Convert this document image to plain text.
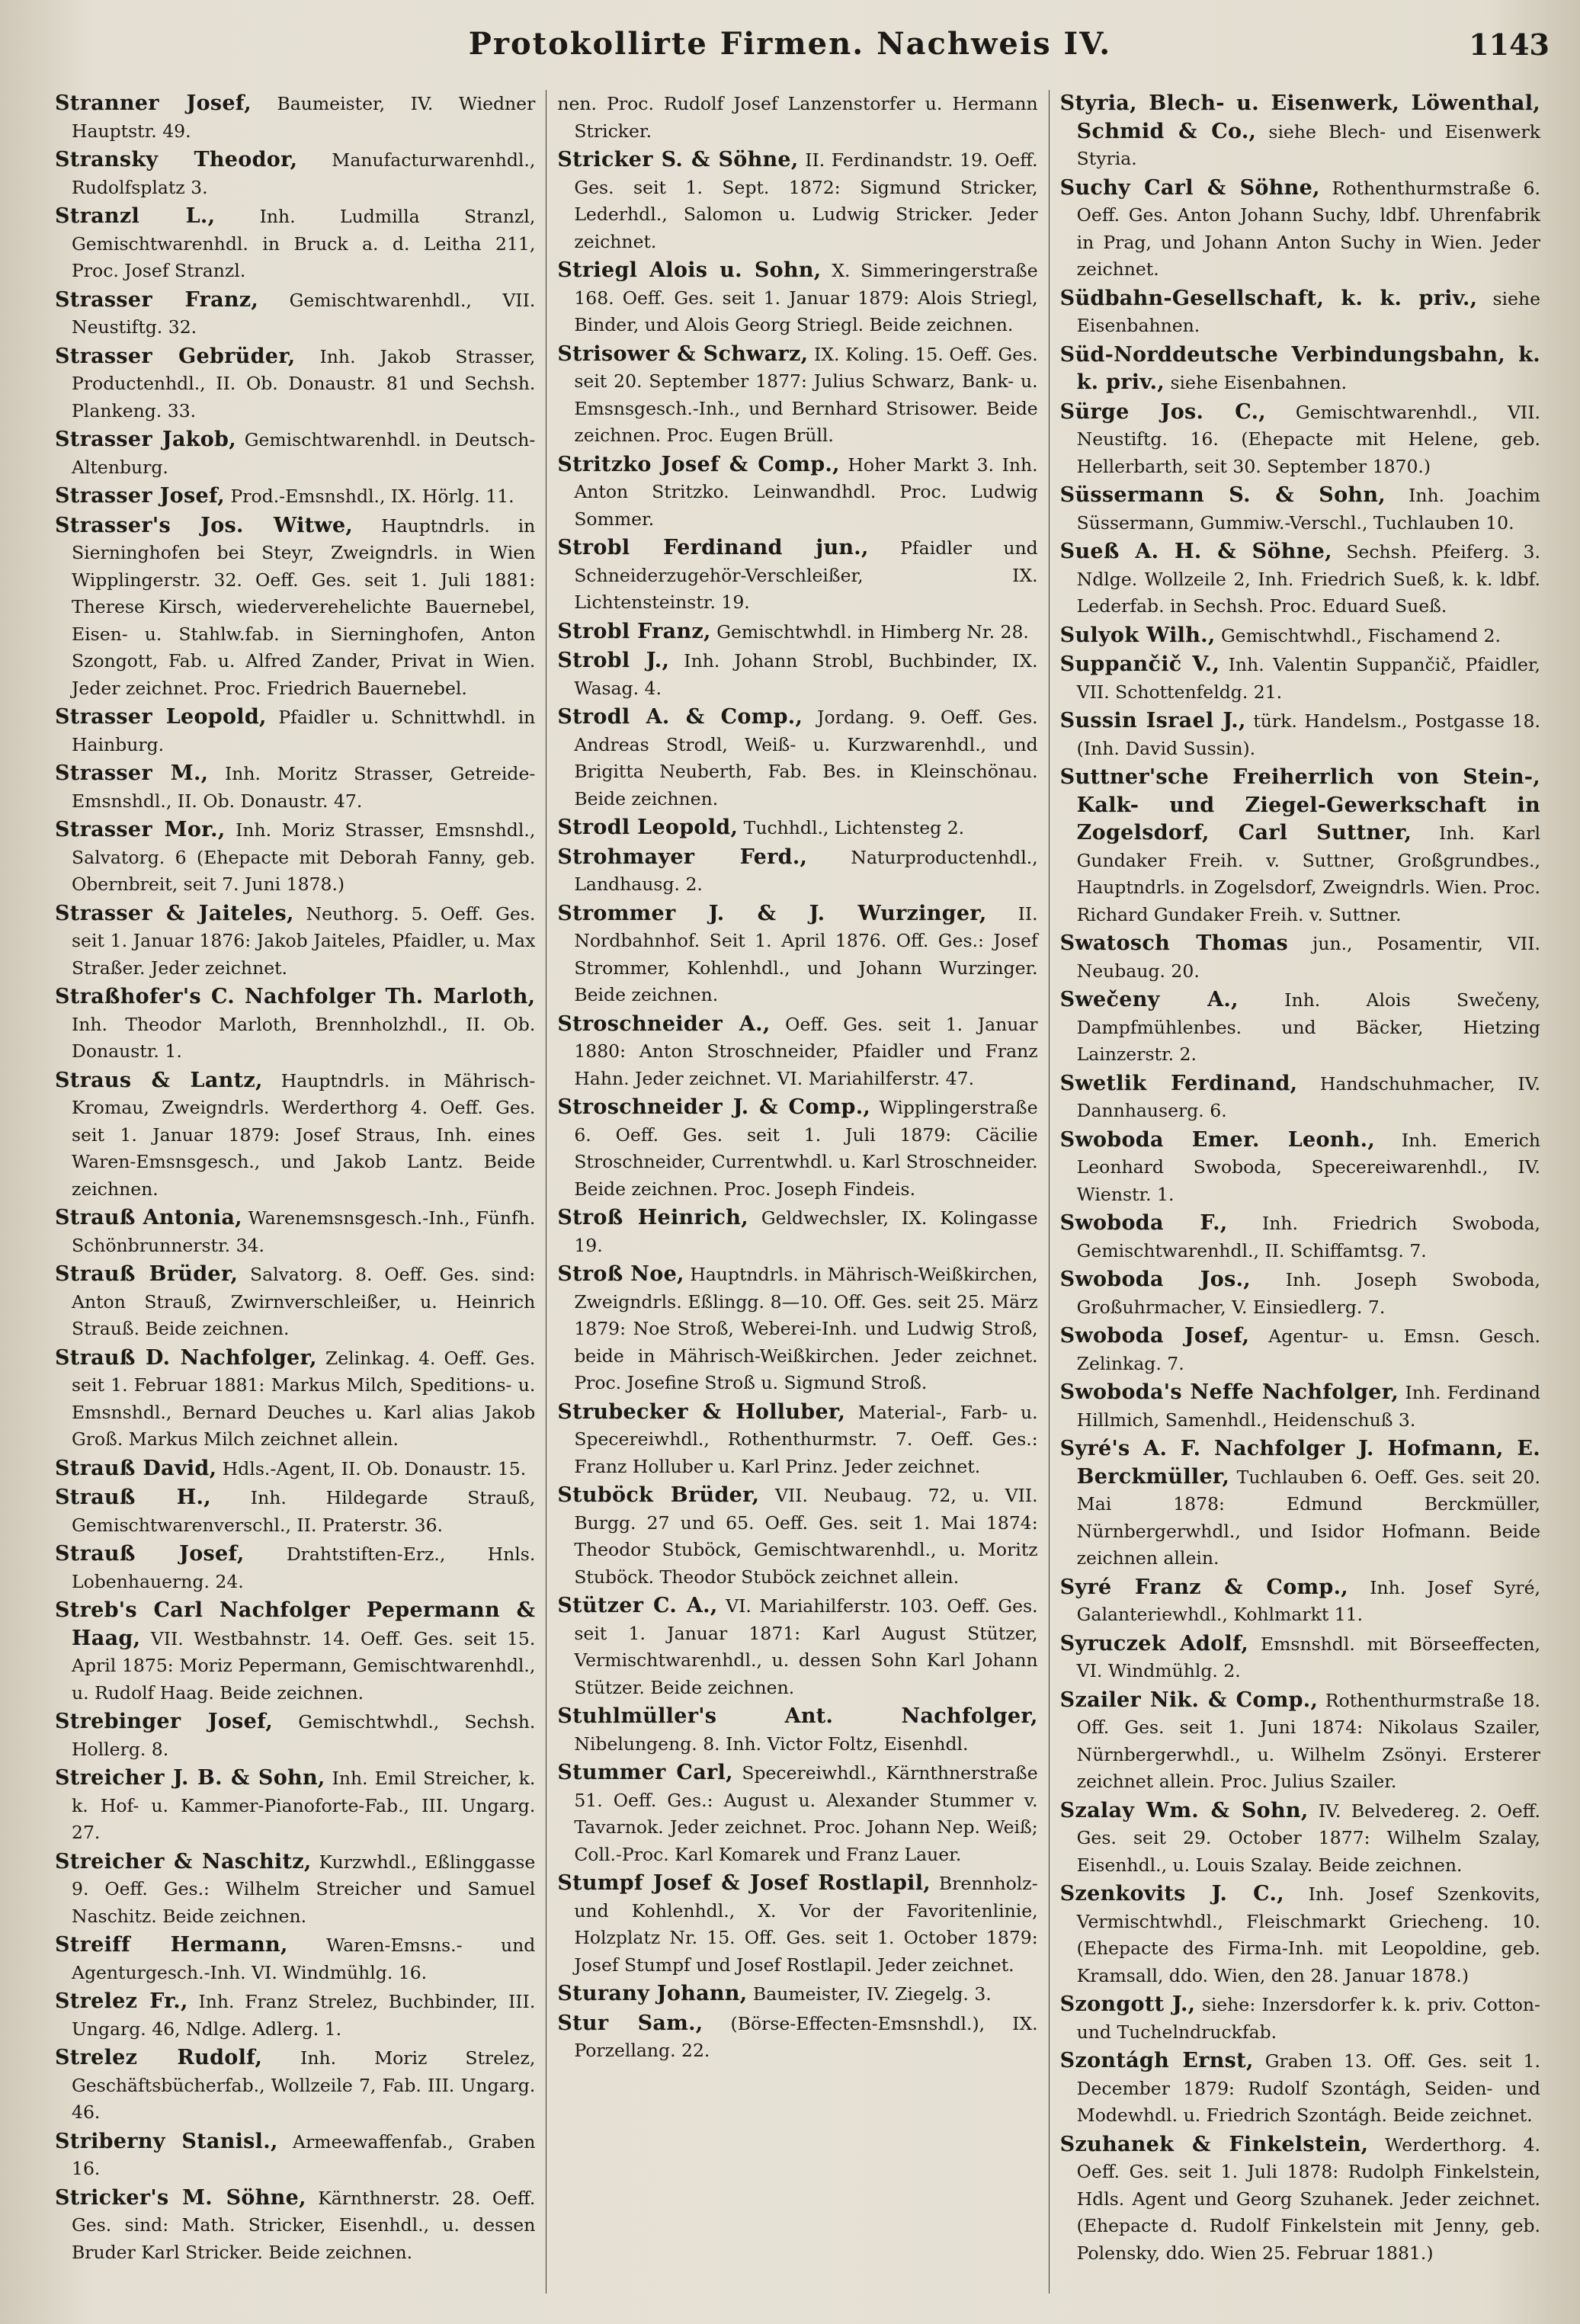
Protokollirte Firmen. Nachweis IV.	1143

Stranner Josef, Baumeister, IV. Wiedner Hauptstr. 49.

Stransky Theodor, Manufacturwarenhdl., Rudolfsplatz 3.

Stranzl L., Inh. Ludmilla Stranzl, Gemischtwarenhdl. in Bruck a. d. Leitha 211, Proc. Josef Stranzl.

Strasser Franz, Gemischtwarenhdl., VII. Neustiftg. 32.

Strasser Gebrüder, Inh. Jakob Strasser, Productenhdl., II. Ob. Donaustr. 81 und Sechsh. Plankeng. 33.

Strasser Jakob, Gemischtwarenhdl. in Deutsch-Altenburg.

Strasser Josef, Prod.-Emsnshdl., IX. Hörlg. 11.

Strasser's Jos. Witwe, Hauptndrls. in Sierninghofen bei Steyr, Zweigndrls. in Wien Wipplingerstr. 32. Oeff. Ges. seit 1. Juli 1881: Therese Kirsch, wiederverehelichte Bauernebel, Eisen- u. Stahlw.fab. in Sierninghofen, Anton Szongott, Fab. u. Alfred Zander, Privat in Wien. Jeder zeichnet. Proc. Friedrich Bauernebel.

Strasser Leopold, Pfaidler u. Schnittwhdl. in Hainburg.

Strasser M., Inh. Moritz Strasser, Getreide-Emsnshdl., II. Ob. Donaustr. 47.

Strasser Mor., Inh. Moriz Strasser, Emsnshdl., Salvatorg. 6 (Ehepacte mit Deborah Fanny, geb. Obernbreit, seit 7. Juni 1878.)

Strasser & Jaiteles, Neuthorg. 5. Oeff. Ges. seit 1. Januar 1876: Jakob Jaiteles, Pfaidler, u. Max Straßer. Jeder zeichnet.

Straßhofer's C. Nachfolger Th. Marloth, Inh. Theodor Marloth, Brennholzhdl., II. Ob. Donaustr. 1.

Straus & Lantz, Hauptndrls. in Mährisch-Kromau, Zweigndrls. Werderthorg 4. Oeff. Ges. seit 1. Januar 1879: Josef Straus, Inh. eines Waren-Emsnsgesch., und Jakob Lantz. Beide zeichnen.

Strauß Antonia, Warenemsnsgesch.-Inh., Fünfh. Schönbrunnerstr. 34.

Strauß Brüder, Salvatorg. 8. Oeff. Ges. sind: Anton Strauß, Zwirnverschleißer, u. Heinrich Strauß. Beide zeichnen.

Strauß D. Nachfolger, Zelinkag. 4. Oeff. Ges. seit 1. Februar 1881: Markus Milch, Speditions- u. Emsnshdl., Bernard Deuches u. Karl alias Jakob Groß. Markus Milch zeichnet allein.

Strauß David, Hdls.-Agent, II. Ob. Donaustr. 15.

Strauß H., Inh. Hildegarde Strauß, Gemischtwarenverschl., II. Praterstr. 36.

Strauß Josef, Drahtstiften-Erz., Hnls. Lobenhauerng. 24.

Streb's Carl Nachfolger Pepermann & Haag, VII. Westbahnstr. 14. Oeff. Ges. seit 15. April 1875: Moriz Pepermann, Gemischtwarenhdl., u. Rudolf Haag. Beide zeichnen.

Strebinger Josef, Gemischtwhdl., Sechsh. Hollerg. 8.

Streicher J. B. & Sohn, Inh. Emil Streicher, k. k. Hof- u. Kammer-Pianoforte-Fab., III. Ungarg. 27.

Streicher & Naschitz, Kurzwhdl., Eßlinggasse 9. Oeff. Ges.: Wilhelm Streicher und Samuel Naschitz. Beide zeichnen.

Streiff Hermann, Waren-Emsns.- und Agenturgesch.-Inh. VI. Windmühlg. 16.

Strelez Fr., Inh. Franz Strelez, Buchbinder, III. Ungarg. 46, Ndlge. Adlerg. 1.

Strelez Rudolf, Inh. Moriz Strelez, Geschäftsbücherfab., Wollzeile 7, Fab. III. Ungarg. 46.

Striberny Stanisl., Armeewaffenfab., Graben 16.

Stricker's M. Söhne, Kärnthnerstr. 28. Oeff. Ges. sind: Math. Stricker, Eisenhdl., u. dessen Bruder Karl Stricker. Beide zeichnen.

nen. Proc. Rudolf Josef Lanzenstorfer u. Hermann Stricker.

Stricker S. & Söhne, II. Ferdinandstr. 19. Oeff. Ges. seit 1. Sept. 1872: Sigmund Stricker, Lederhdl., Salomon u. Ludwig Stricker. Jeder zeichnet.

Striegl Alois u. Sohn, X. Simmeringerstraße 168. Oeff. Ges. seit 1. Januar 1879: Alois Striegl, Binder, und Alois Georg Striegl. Beide zeichnen.

Strisower & Schwarz, IX. Koling. 15. Oeff. Ges. seit 20. September 1877: Julius Schwarz, Bank- u. Emsnsgesch.-Inh., und Bernhard Strisower. Beide zeichnen. Proc. Eugen Brüll.

Stritzko Josef & Comp., Hoher Markt 3. Inh. Anton Stritzko. Leinwandhdl. Proc. Ludwig Sommer.

Strobl Ferdinand jun., Pfaidler und Schneiderzugehör-Verschleißer, IX. Lichtensteinstr. 19.

Strobl Franz, Gemischtwhdl. in Himberg Nr. 28.

Strobl J., Inh. Johann Strobl, Buchbinder, IX. Wasag. 4.

Strodl A. & Comp., Jordang. 9. Oeff. Ges. Andreas Strodl, Weiß- u. Kurzwarenhdl., und Brigitta Neuberth, Fab. Bes. in Kleinschönau. Beide zeichnen.

Strodl Leopold, Tuchhdl., Lichtensteg 2.

Strohmayer Ferd., Naturproductenhdl., Landhausg. 2.

Strommer J. & J. Wurzinger, II. Nordbahnhof. Seit 1. April 1876. Off. Ges.: Josef Strommer, Kohlenhdl., und Johann Wurzinger. Beide zeichnen.

Stroschneider A., Oeff. Ges. seit 1. Januar 1880: Anton Stroschneider, Pfaidler und Franz Hahn. Jeder zeichnet. VI. Mariahilferstr. 47.

Stroschneider J. & Comp., Wipplingerstraße 6. Oeff. Ges. seit 1. Juli 1879: Cäcilie Stroschneider, Currentwhdl. u. Karl Stroschneider. Beide zeichnen. Proc. Joseph Findeis.

Stroß Heinrich, Geldwechsler, IX. Kolingasse 19.

Stroß Noe, Hauptndrls. in Mährisch-Weißkirchen, Zweigndrls. Eßlingg. 8—10. Off. Ges. seit 25. März 1879: Noe Stroß, Weberei-Inh. und Ludwig Stroß, beide in Mährisch-Weißkirchen. Jeder zeichnet. Proc. Josefine Stroß u. Sigmund Stroß.

Strubecker & Holluber, Material-, Farb- u. Specereiwhdl., Rothenthurmstr. 7. Oeff. Ges.: Franz Holluber u. Karl Prinz. Jeder zeichnet.

Stuböck Brüder, VII. Neubaug. 72, u. VII. Burgg. 27 und 65. Oeff. Ges. seit 1. Mai 1874: Theodor Stuböck, Gemischtwarenhdl., u. Moritz Stuböck. Theodor Stuböck zeichnet allein.

Stützer C. A., VI. Mariahilferstr. 103. Oeff. Ges. seit 1. Januar 1871: Karl August Stützer, Vermischtwarenhdl., u. dessen Sohn Karl Johann Stützer. Beide zeichnen.

Stuhlmüller's Ant. Nachfolger, Nibelungeng. 8. Inh. Victor Foltz, Eisenhdl.

Stummer Carl, Specereiwhdl., Kärnthnerstraße 51. Oeff. Ges.: August u. Alexander Stummer v. Tavarnok. Jeder zeichnet. Proc. Johann Nep. Weiß; Coll.-Proc. Karl Komarek und Franz Lauer.

Stumpf Josef & Josef Rostlapil, Brennholz- und Kohlenhdl., X. Vor der Favoritenlinie, Holzplatz Nr. 15. Off. Ges. seit 1. October 1879: Josef Stumpf und Josef Rostlapil. Jeder zeichnet.

Sturany Johann, Baumeister, IV. Ziegelg. 3.

Stur Sam., (Börse-Effecten-Emsnshdl.), IX. Porzellang. 22.

Styria, Blech- u. Eisenwerk, Löwenthal, Schmid & Co., siehe Blech- und Eisenwerk Styria.

Suchy Carl & Söhne, Rothenthurmstraße 6. Oeff. Ges. Anton Johann Suchy, ldbf. Uhrenfabrik in Prag, und Johann Anton Suchy in Wien. Jeder zeichnet.

Südbahn-Gesellschaft, k. k. priv., siehe Eisenbahnen.

Süd-Norddeutsche Verbindungsbahn, k. k. priv., siehe Eisenbahnen.

Sürge Jos. C., Gemischtwarenhdl., VII. Neustiftg. 16. (Ehepacte mit Helene, geb. Hellerbarth, seit 30. September 1870.)

Süssermann S. & Sohn, Inh. Joachim Süssermann, Gummiw.-Verschl., Tuchlauben 10.

Sueß A. H. & Söhne, Sechsh. Pfeiferg. 3. Ndlge. Wollzeile 2, Inh. Friedrich Sueß, k. k. ldbf. Lederfab. in Sechsh. Proc. Eduard Sueß.

Sulyok Wilh., Gemischtwhdl., Fischamend 2.

Suppančič V., Inh. Valentin Suppančič, Pfaidler, VII. Schottenfeldg. 21.

Sussin Israel J., türk. Handelsm., Postgasse 18. (Inh. David Sussin).

Suttner'sche Freiherrlich von Stein-, Kalk- und Ziegel-Gewerkschaft in Zogelsdorf, Carl Suttner, Inh. Karl Gundaker Freih. v. Suttner, Großgrundbes., Hauptndrls. in Zogelsdorf, Zweigndrls. Wien. Proc. Richard Gundaker Freih. v. Suttner.

Swatosch Thomas jun., Posamentir, VII. Neubaug. 20.

Swečeny A.,	Inh. Alois Swečeny, Dampfmühlenbes. und Bäcker, Hietzing Lainzerstr. 2.

Swetlik Ferdinand, Handschuhmacher, IV. Dannhauserg. 6.

Swoboda Emer. Leonh., Inh. Emerich Leonhard Swoboda, Specereiwarenhdl., IV. Wienstr. 1.

Swoboda F., Inh. Friedrich Swoboda, Gemischtwarenhdl., II. Schiffamtsg. 7.

Swoboda Jos., Inh. Joseph Swoboda, Großuhrmacher, V. Einsiedlerg. 7.

Swoboda Josef, Agentur- u. Emsn. Gesch. Zelinkag. 7.

Swoboda's Neffe Nachfolger, Inh. Ferdinand Hillmich, Samenhdl., Heidenschuß 3.

Syré's A. F. Nachfolger J. Hofmann, E. Berckmüller, Tuchlauben 6. Oeff. Ges. seit 20. Mai 1878: Edmund Berckmüller, Nürnbergerwhdl., und Isidor Hofmann. Beide zeichnen allein.

Syré Franz & Comp., Inh. Josef Syré, Galanteriewhdl., Kohlmarkt 11.

Syruczek Adolf, Emsnshdl. mit Börseeffecten, VI. Windmühlg. 2.

Szailer Nik. & Comp., Rothenthurmstraße 18. Off. Ges. seit 1. Juni 1874: Nikolaus Szailer, Nürnbergerwhdl., u. Wilhelm Zsönyi. Ersterer zeichnet allein. Proc. Julius Szailer.

Szalay Wm. & Sohn, IV. Belvedereg. 2. Oeff. Ges. seit 29. October 1877: Wilhelm Szalay, Eisenhdl., u. Louis Szalay. Beide zeichnen.

Szenkovits J. C., Inh. Josef Szenkovits, Vermischtwhdl., Fleischmarkt Griecheng. 10. (Ehepacte des Firma-Inh. mit Leopoldine, geb. Kramsall, ddo. Wien, den 28. Januar 1878.)

Szongott J., siehe: Inzersdorfer k. k. priv. Cotton- und Tuchelndruckfab.

Szontágh Ernst, Graben 13. Off. Ges. seit 1. December 1879: Rudolf Szontágh, Seiden- und Modewhdl. u. Friedrich Szontágh. Beide zeichnet.

Szuhanek & Finkelstein, Werderthorg. 4. Oeff. Ges. seit 1. Juli 1878: Rudolph Finkelstein, Hdls. Agent und Georg Szuhanek. Jeder zeichnet. (Ehepacte d. Rudolf Finkelstein mit Jenny, geb. Polensky, ddo. Wien 25. Februar 1881.)
